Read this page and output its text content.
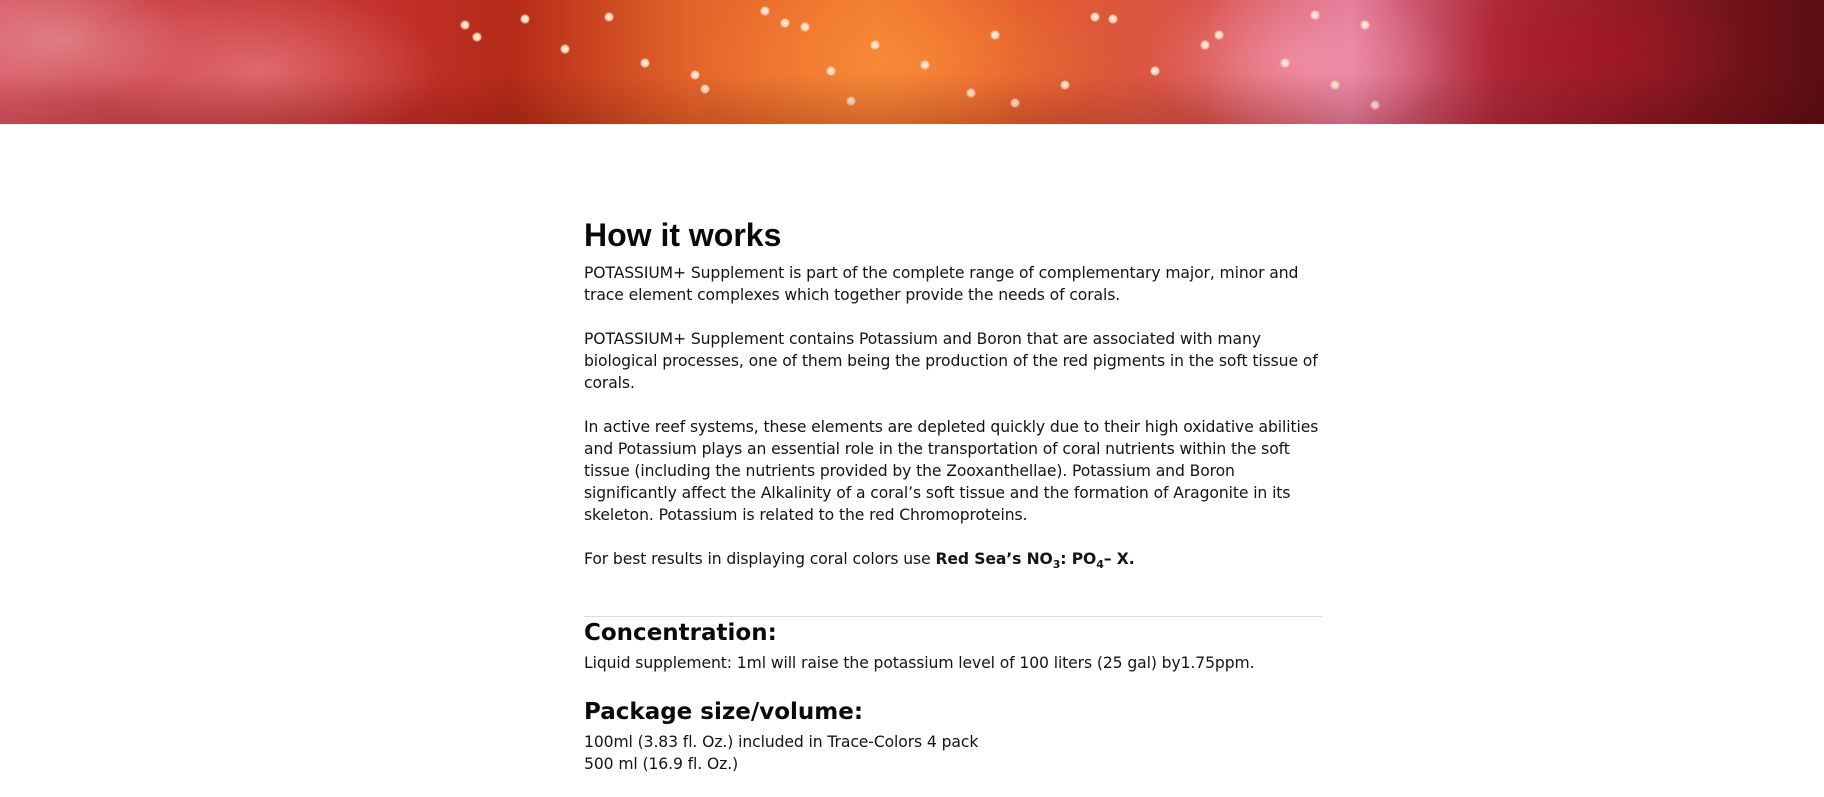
How it works

POTASSIUM+ Supplement is part of the complete range of complementary major, minor and trace element complexes which together provide the needs of corals.

POTASSIUM+ Supplement contains Potassium and Boron that are associated with many biological processes, one of them being the production of the red pigments in the soft tissue of corals.

In active reef systems, these elements are depleted quickly due to their high oxidative abilities and Potassium plays an essential role in the transportation of coral nutrients within the soft tissue (including the nutrients provided by the Zooxanthellae). Potassium and Boron significantly affect the Alkalinity of a coral’s soft tissue and the formation of Aragonite in its skeleton. Potassium is related to the red Chromoproteins.

For best results in displaying coral colors use Red Sea’s $NO_3$: $PO_4-$ X.

Concentration:

Liquid supplement: 1ml will raise the potassium level of 100 liters (25 gal) by1.75ppm.

Package size/volume:

100ml (3.83 fl. Oz.) included in Trace-Colors 4 pack

500 ml (16.9 fl. Oz.)
